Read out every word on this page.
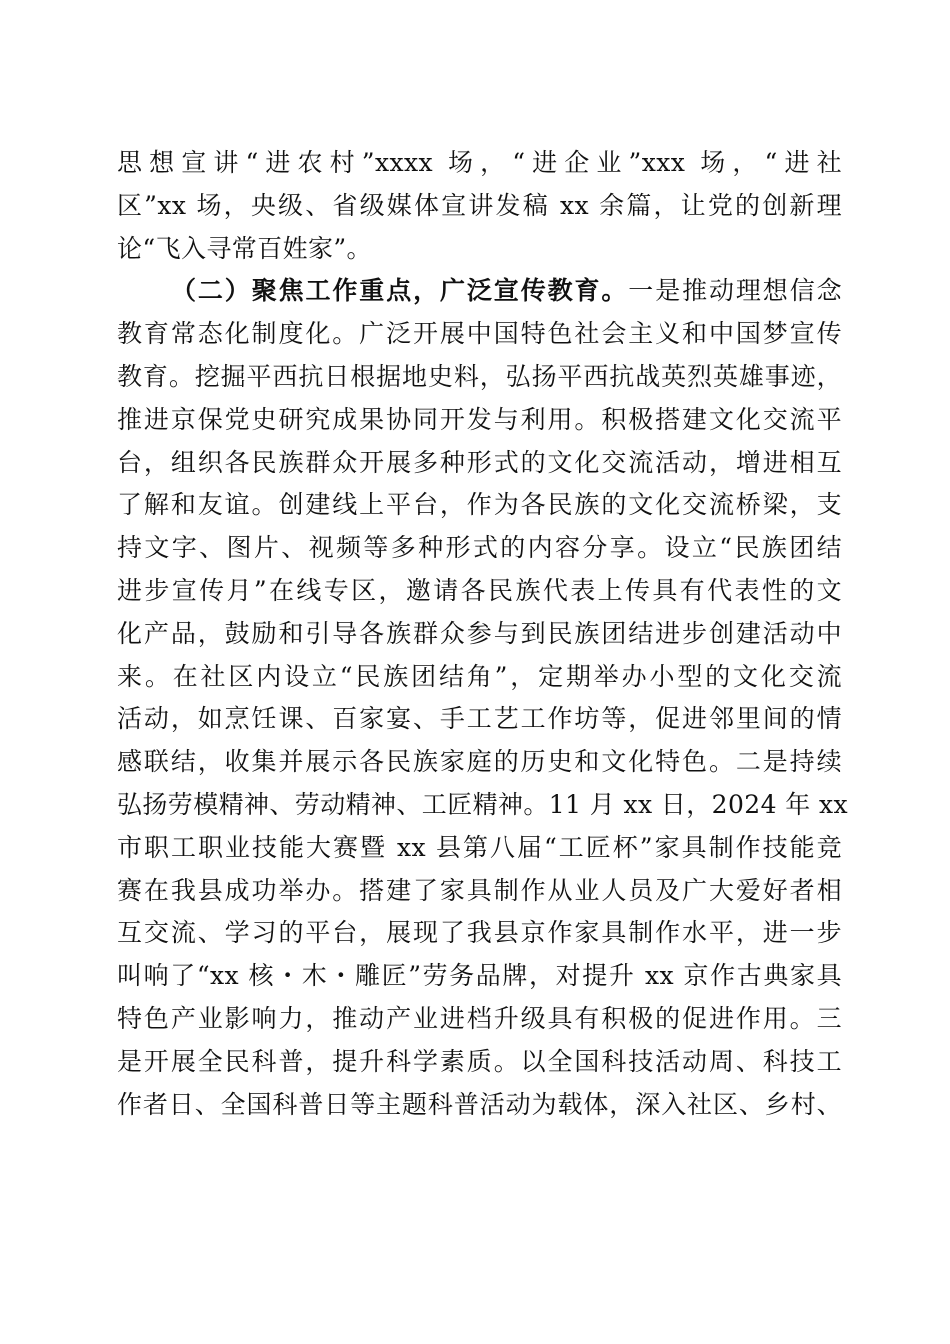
思想宣讲“进农村”xxxx 场，“进企业”xxx 场，“进社
区”xx 场，央级、省级媒体宣讲发稿 xx 余篇，让党的创新理
论“飞入寻常百姓家”。
（二）聚焦工作重点，广泛宣传教育。一是推动理想信念
教育常态化制度化。广泛开展中国特色社会主义和中国梦宣传
教育。挖掘平西抗日根据地史料，弘扬平西抗战英烈英雄事迹，
推进京保党史研究成果协同开发与利用。积极搭建文化交流平
台，组织各民族群众开展多种形式的文化交流活动，增进相互
了解和友谊。创建线上平台，作为各民族的文化交流桥梁，支
持文字、图片、视频等多种形式的内容分享。设立“民族团结
进步宣传月”在线专区，邀请各民族代表上传具有代表性的文
化产品，鼓励和引导各族群众参与到民族团结进步创建活动中
来。在社区内设立“民族团结角”，定期举办小型的文化交流
活动，如烹饪课、百家宴、手工艺工作坊等，促进邻里间的情
感联结，收集并展示各民族家庭的历史和文化特色。二是持续
弘扬劳模精神、劳动精神、工匠精神。11 月 xx 日，2024 年 xx
市职工职业技能大赛暨 xx 县第八届“工匠杯”家具制作技能竞
赛在我县成功举办。搭建了家具制作从业人员及广大爱好者相
互交流、学习的平台，展现了我县京作家具制作水平，进一步
叫响了“xx 核・木・雕匠”劳务品牌，对提升 xx 京作古典家具
特色产业影响力，推动产业进档升级具有积极的促进作用。三
是开展全民科普，提升科学素质。以全国科技活动周、科技工
作者日、全国科普日等主题科普活动为载体，深入社区、乡村、
